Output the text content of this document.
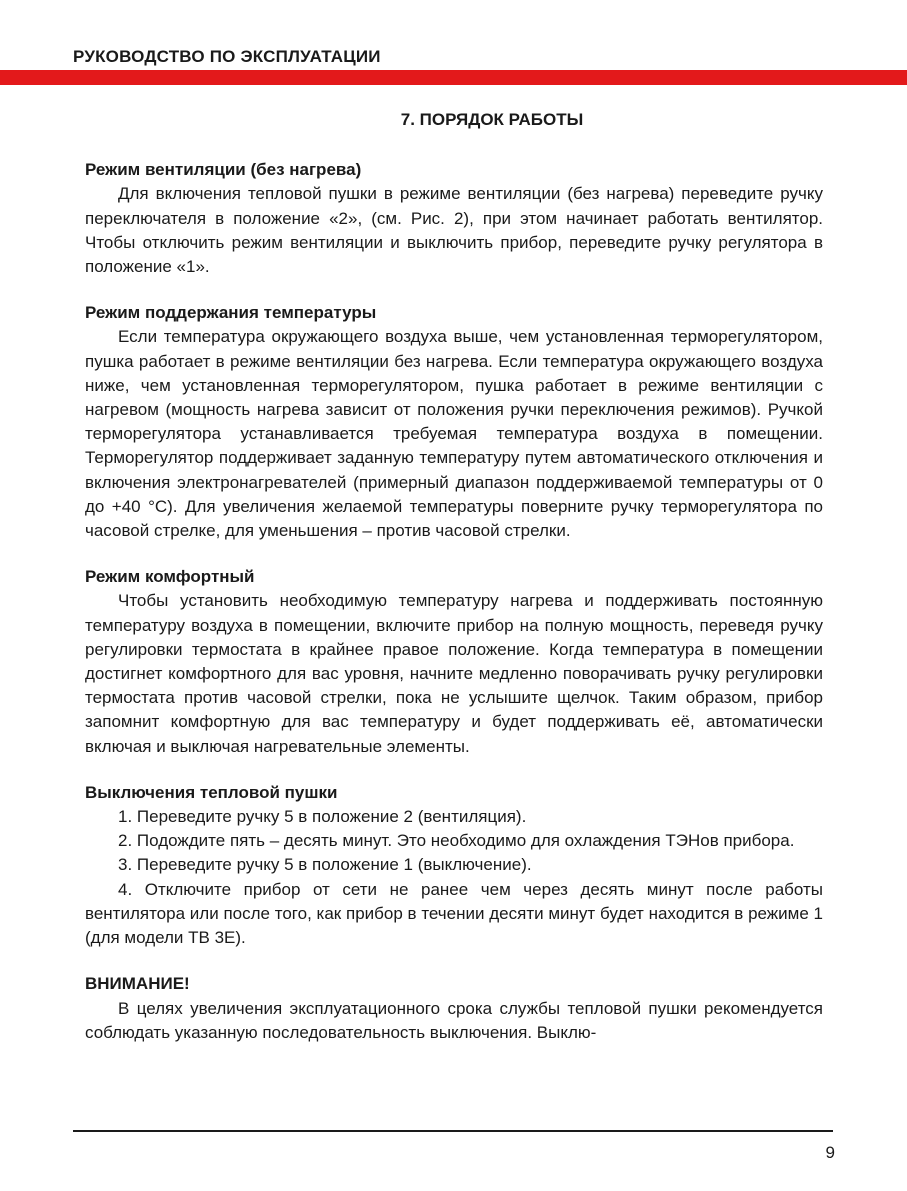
РУКОВОДСТВО ПО ЭКСПЛУАТАЦИИ
7. ПОРЯДОК РАБОТЫ

Режим вентиляции (без нагрева)

Для включения тепловой пушки в режиме вентиляции (без нагрева) переведите ручку переключателя в положение «2», (см. Рис. 2), при этом начинает работать вентилятор. Чтобы отключить режим вентиляции и выключить прибор, переведите ручку регулятора в положение «1».

Режим поддержания температуры

Если температура окружающего воздуха выше, чем установленная терморегулятором, пушка работает в режиме вентиляции без нагрева. Если температура окружающего воздуха ниже, чем установленная терморегулятором, пушка работает в режиме вентиляции с нагревом (мощность нагрева зависит от положения ручки переключения режимов). Ручкой терморегулятора устанавливается требуемая температура воздуха в помещении. Терморегулятор поддерживает заданную температуру путем автоматического отключения и включения электронагревателей (примерный диапазон поддерживаемой температуры от 0 до +40 °С). Для увеличения желаемой температуры поверните ручку терморегулятора по часовой стрелке, для уменьшения – против часовой стрелки.

Режим комфортный

Чтобы установить необходимую температуру нагрева и поддерживать постоянную температуру воздуха в помещении, включите прибор на полную мощность, переведя ручку регулировки термостата в крайнее правое положение. Когда температура в помещении достигнет комфортного для вас уровня, начните медленно поворачивать ручку регулировки термостата против часовой стрелки, пока не услышите щелчок. Таким образом, прибор запомнит комфортную для вас температуру и будет поддерживать её, автоматически включая и выключая нагревательные элементы.

Выключения тепловой пушки

1. Переведите ручку 5 в положение 2 (вентиляция).

2. Подождите пять – десять минут. Это необходимо для охлаждения ТЭНов прибора.

3. Переведите ручку 5 в положение 1 (выключение).

4. Отключите прибор от сети не ранее чем через десять минут после работы вентилятора или после того, как прибор в течении десяти минут будет находится в режиме 1 (для модели ТВ 3Е).

ВНИМАНИЕ!

В целях увеличения эксплуатационного срока службы тепловой пушки рекомендуется соблюдать указанную последовательность выключения. Выклю-

9
